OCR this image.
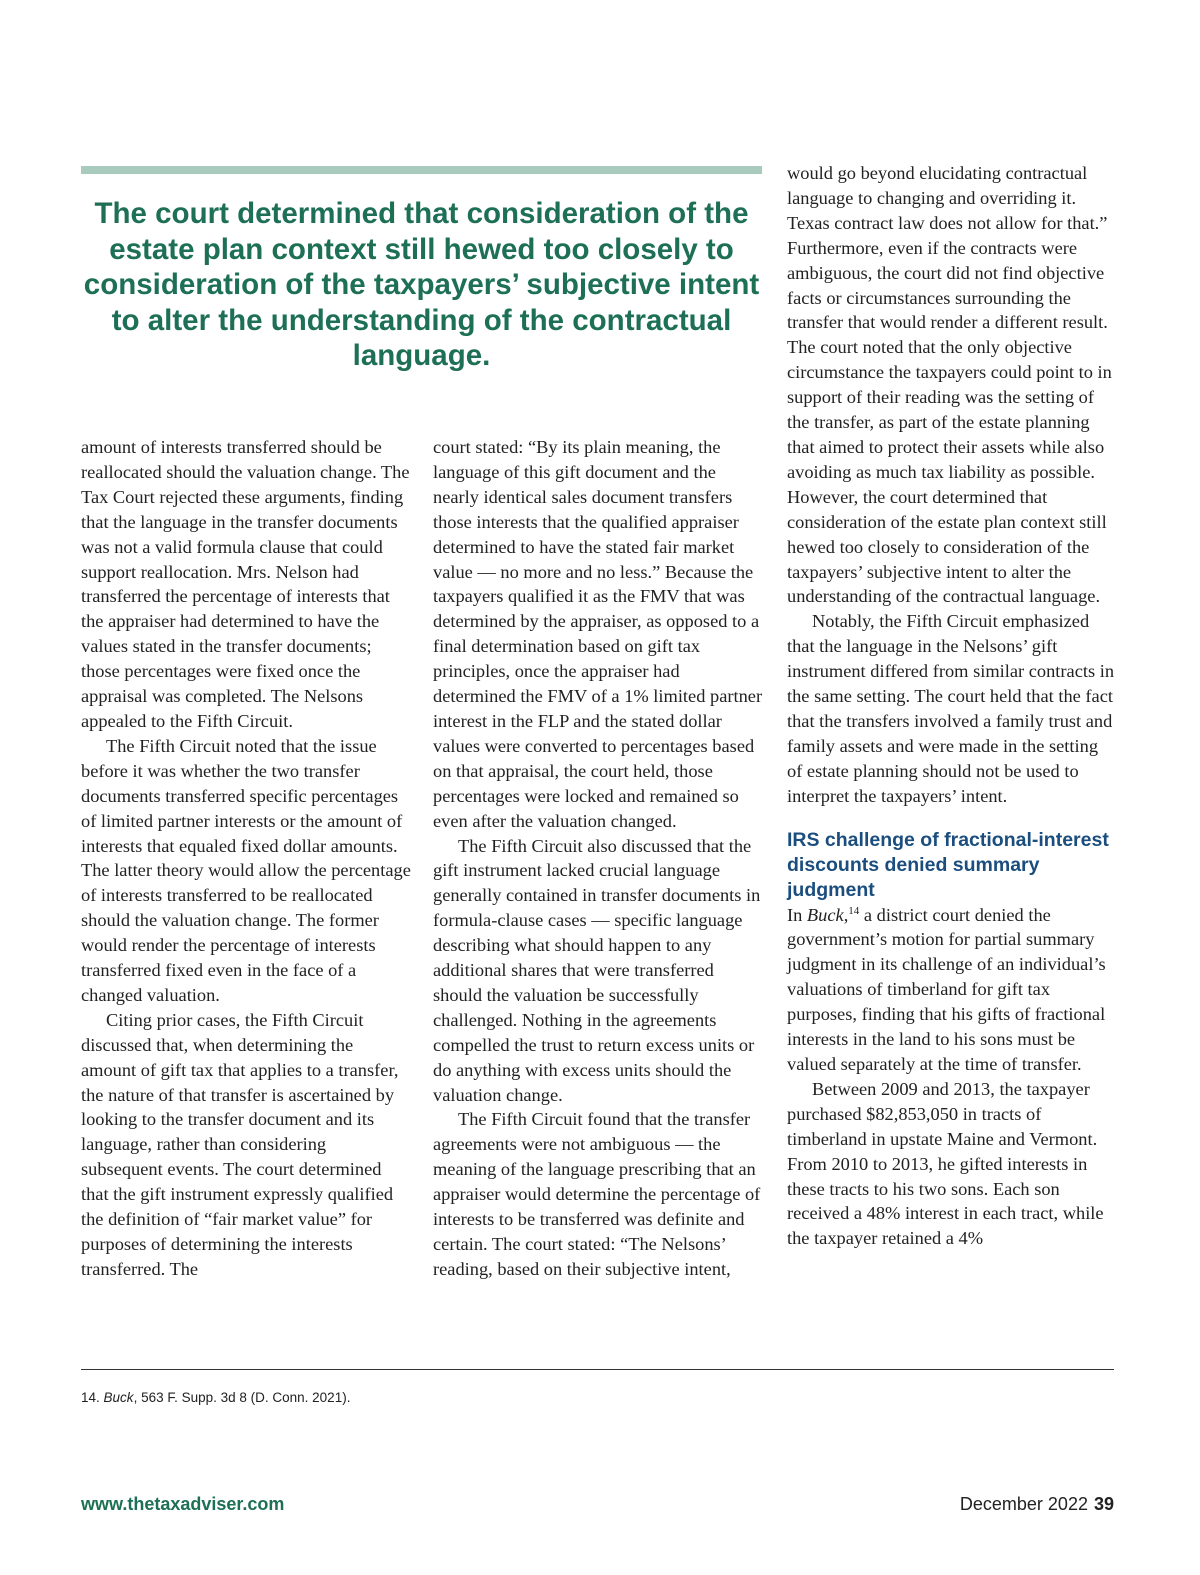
The court determined that consideration of the estate plan context still hewed too closely to consideration of the taxpayers’ subjective intent to alter the understanding of the contractual language.

amount of interests transferred should be reallocated should the valuation change. The Tax Court rejected these arguments, finding that the language in the transfer documents was not a valid formula clause that could support reallocation. Mrs. Nelson had transferred the percentage of interests that the appraiser had determined to have the values stated in the transfer documents; those percentages were fixed once the appraisal was completed. The Nelsons appealed to the Fifth Circuit.

The Fifth Circuit noted that the issue before it was whether the two transfer documents transferred specific percentages of limited partner interests or the amount of interests that equaled fixed dollar amounts. The latter theory would allow the percentage of interests transferred to be reallocated should the valuation change. The former would render the percentage of interests transferred fixed even in the face of a changed valuation.

Citing prior cases, the Fifth Circuit discussed that, when determining the amount of gift tax that applies to a transfer, the nature of that transfer is ascertained by looking to the transfer document and its language, rather than considering subsequent events. The court determined that the gift instrument expressly qualified the definition of “fair market value” for purposes of determining the interests transferred. The

court stated: “By its plain meaning, the language of this gift document and the nearly identical sales document transfers those interests that the qualified appraiser determined to have the stated fair market value — no more and no less.” Because the taxpayers qualified it as the FMV that was determined by the appraiser, as opposed to a final determination based on gift tax principles, once the appraiser had determined the FMV of a 1% limited partner interest in the FLP and the stated dollar values were converted to percentages based on that appraisal, the court held, those percentages were locked and remained so even after the valuation changed.

The Fifth Circuit also discussed that the gift instrument lacked crucial language generally contained in transfer documents in formula-clause cases — specific language describing what should happen to any additional shares that were transferred should the valuation be successfully challenged. Nothing in the agreements compelled the trust to return excess units or do anything with excess units should the valuation change.

The Fifth Circuit found that the transfer agreements were not ambiguous — the meaning of the language prescribing that an appraiser would determine the percentage of interests to be transferred was definite and certain. The court stated: “The Nelsons’ reading, based on their subjective intent,

would go beyond elucidating contractual language to changing and overriding it. Texas contract law does not allow for that.” Furthermore, even if the contracts were ambiguous, the court did not find objective facts or circumstances surrounding the transfer that would render a different result. The court noted that the only objective circumstance the taxpayers could point to in support of their reading was the setting of the transfer, as part of the estate planning that aimed to protect their assets while also avoiding as much tax liability as possible. However, the court determined that consideration of the estate plan context still hewed too closely to consideration of the taxpayers’ subjective intent to alter the understanding of the contractual language.

Notably, the Fifth Circuit emphasized that the language in the Nelsons’ gift instrument differed from similar contracts in the same setting. The court held that the fact that the transfers involved a family trust and family assets and were made in the setting of estate planning should not be used to interpret the taxpayers’ intent.

IRS challenge of fractional-interest discounts denied summary judgment

In Buck,$^{14}$ a district court denied the government’s motion for partial summary judgment in its challenge of an individual’s valuations of timberland for gift tax purposes, finding that his gifts of fractional interests in the land to his sons must be valued separately at the time of transfer.

Between 2009 and 2013, the taxpayer purchased $82,853,050 in tracts of timberland in upstate Maine and Vermont. From 2010 to 2013, he gifted interests in these tracts to his two sons. Each son received a 48% interest in each tract, while the taxpayer retained a 4%

14. Buck, 563 F. Supp. 3d 8 (D. Conn. 2021).
www.thetaxadviser.com	December 2022 39
